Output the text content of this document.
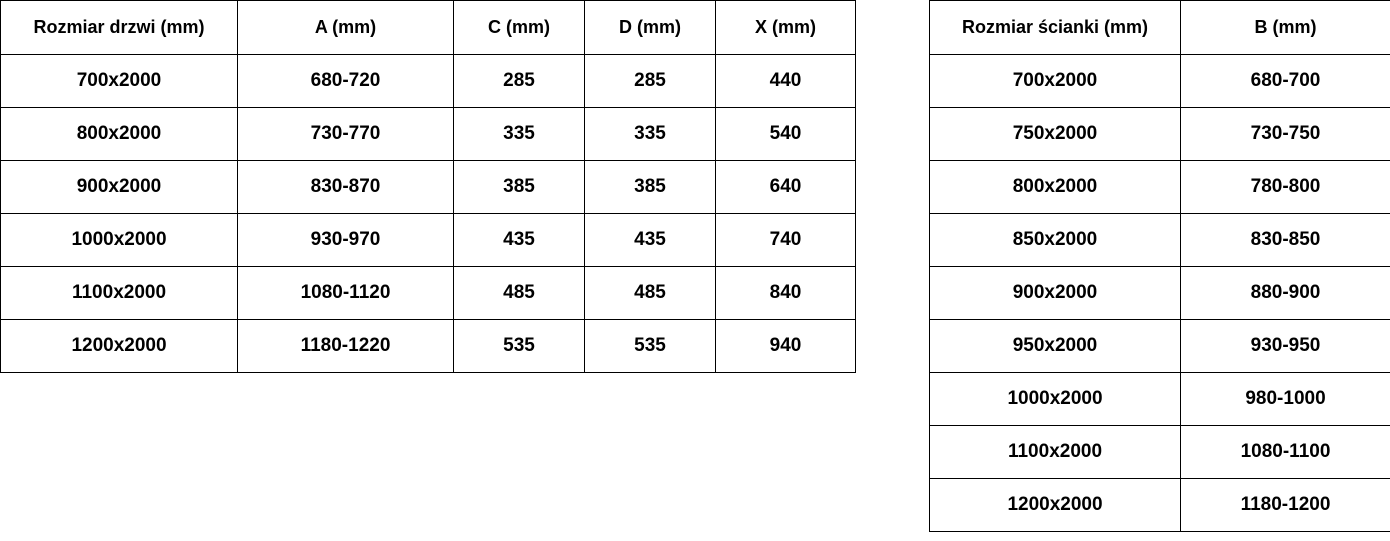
Rozmiar drzwi (mm)	A (mm)	C (mm)	D (mm)	X (mm)
700x2000	680-720	285	285	440
800x2000	730-770	335	335	540
900x2000	830-870	385	385	640
1000x2000	930-970	435	435	740
1100x2000	1080-1120	485	485	840
1200x2000	1180-1220	535	535	940
Rozmiar ścianki (mm)	B (mm)
700x2000	680-700
750x2000	730-750
800x2000	780-800
850x2000	830-850
900x2000	880-900
950x2000	930-950
1000x2000	980-1000
1100x2000	1080-1100
1200x2000	1180-1200
